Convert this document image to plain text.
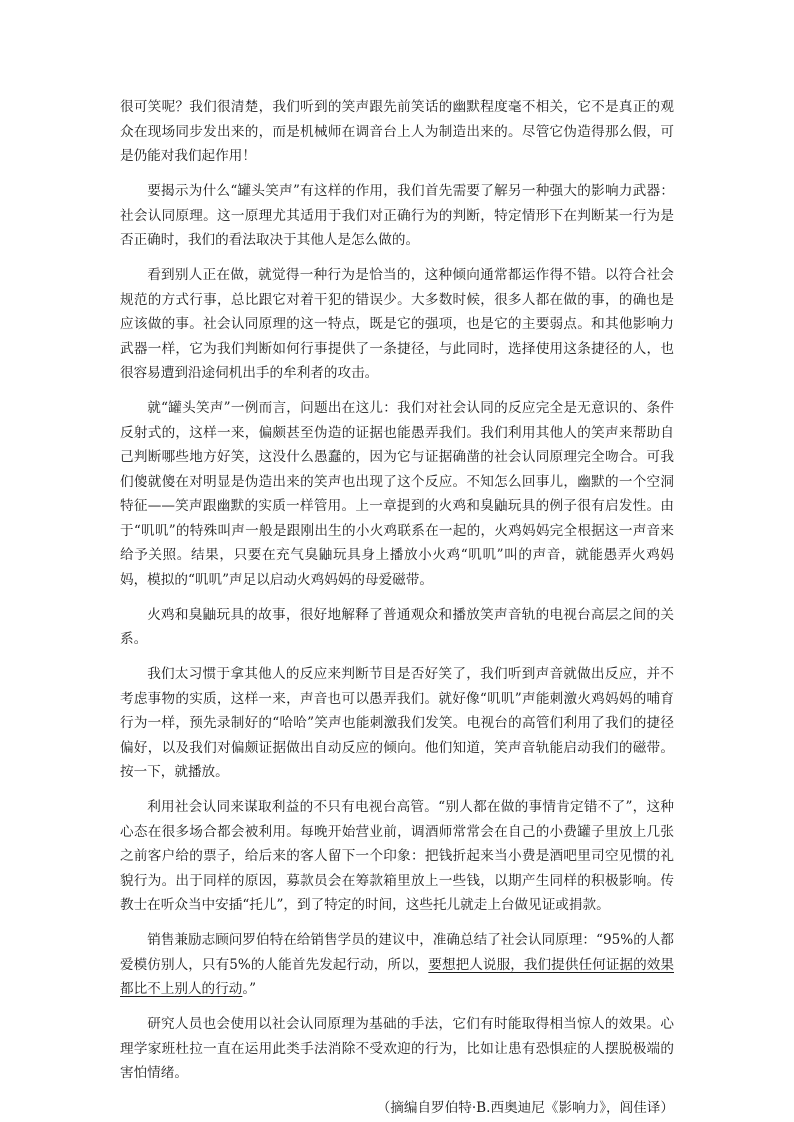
很可笑呢？我们很清楚，我们听到的笑声跟先前笑话的幽默程度毫不相关，它不是真正的观众在现场同步发出来的，而是机械师在调音台上人为制造出来的。尽管它伪造得那么假，可是仍能对我们起作用！

要揭示为什么“罐头笑声”有这样的作用，我们首先需要了解另一种强大的影响力武器：社会认同原理。这一原理尤其适用于我们对正确行为的判断，特定情形下在判断某一行为是否正确时，我们的看法取决于其他人是怎么做的。

看到别人正在做，就觉得一种行为是恰当的，这种倾向通常都运作得不错。以符合社会规范的方式行事，总比跟它对着干犯的错误少。大多数时候，很多人都在做的事，的确也是应该做的事。社会认同原理的这一特点，既是它的强项，也是它的主要弱点。和其他影响力武器一样，它为我们判断如何行事提供了一条捷径，与此同时，选择使用这条捷径的人，也很容易遭到沿途伺机出手的牟利者的攻击。

就“罐头笑声”一例而言，问题出在这儿：我们对社会认同的反应完全是无意识的、条件反射式的，这样一来，偏颇甚至伪造的证据也能愚弄我们。我们利用其他人的笑声来帮助自己判断哪些地方好笑，这没什么愚蠢的，因为它与证据确凿的社会认同原理完全吻合。可我们傻就傻在对明显是伪造出来的笑声也出现了这个反应。不知怎么回事儿，幽默的一个空洞特征——笑声跟幽默的实质一样管用。上一章提到的火鸡和臭鼬玩具的例子很有启发性。由于“叽叽”的特殊叫声一般是跟刚出生的小火鸡联系在一起的，火鸡妈妈完全根据这一声音来给予关照。结果，只要在充气臭鼬玩具身上播放小火鸡“叽叽”叫的声音，就能愚弄火鸡妈妈，模拟的“叽叽”声足以启动火鸡妈妈的母爱磁带。

火鸡和臭鼬玩具的故事，很好地解释了普通观众和播放笑声音轨的电视台高层之间的关系。

我们太习惯于拿其他人的反应来判断节目是否好笑了，我们听到声音就做出反应，并不考虑事物的实质，这样一来，声音也可以愚弄我们。就好像“叽叽”声能刺激火鸡妈妈的哺育行为一样，预先录制好的“哈哈”笑声也能刺激我们发笑。电视台的高管们利用了我们的捷径偏好，以及我们对偏颇证据做出自动反应的倾向。他们知道，笑声音轨能启动我们的磁带。按一下，就播放。

利用社会认同来谋取利益的不只有电视台高管。“别人都在做的事情肯定错不了”，这种心态在很多场合都会被利用。每晚开始营业前，调酒师常常会在自己的小费罐子里放上几张之前客户给的票子，给后来的客人留下一个印象：把钱折起来当小费是酒吧里司空见惯的礼貌行为。出于同样的原因，募款员会在筹款箱里放上一些钱，以期产生同样的积极影响。传教士在听众当中安插“托儿”，到了特定的时间，这些托儿就走上台做见证或捐款。

销售兼励志顾问罗伯特在给销售学员的建议中，准确总结了社会认同原理：“95%的人都爱模仿别人，只有5%的人能首先发起行动，所以，要想把人说服，我们提供任何证据的效果都比不上别人的行动。”

研究人员也会使用以社会认同原理为基础的手法，它们有时能取得相当惊人的效果。心理学家班杜拉一直在运用此类手法消除不受欢迎的行为，比如让患有恐惧症的人摆脱极端的害怕情绪。

（摘编自罗伯特·B.西奥迪尼《影响力》，闾佳译）
